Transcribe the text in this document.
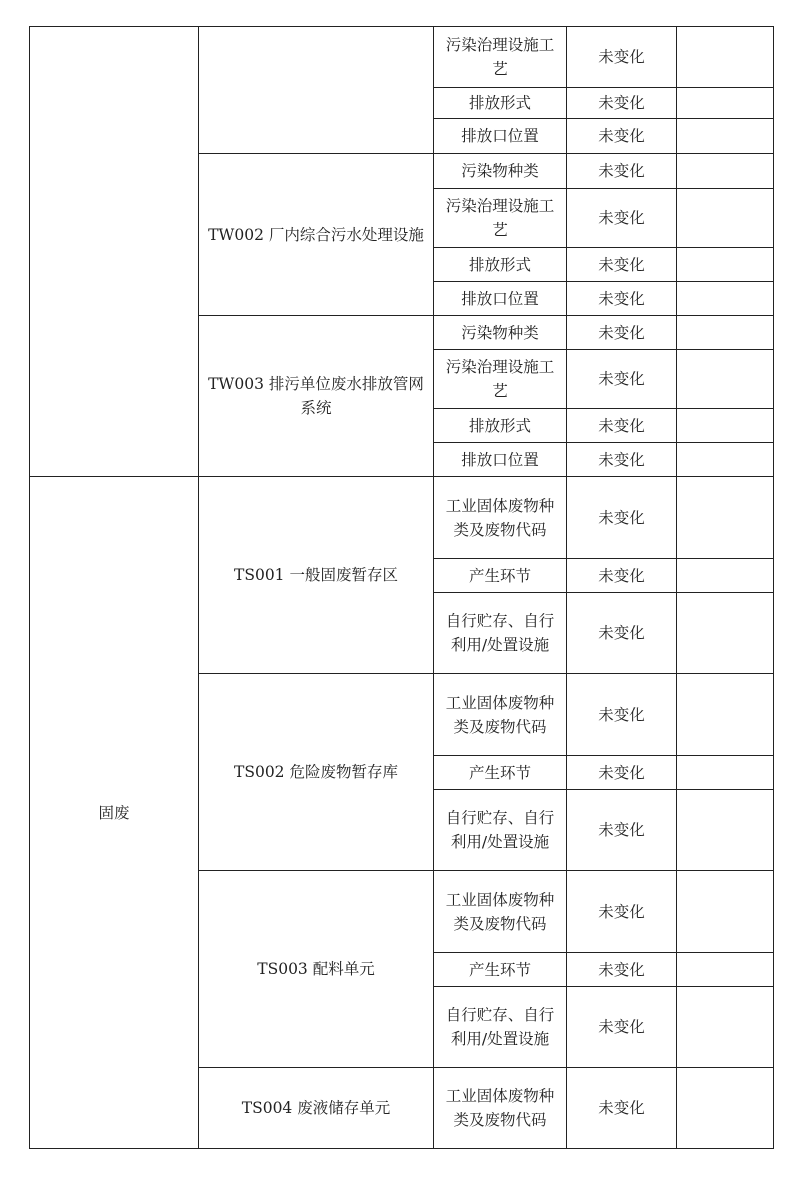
		污染治理设施工艺	未变化	
		排放形式	未变化	
		排放口位置	未变化	
	TW002 厂内综合污水处理设施	污染物种类	未变化	
		污染治理设施工艺	未变化	
		排放形式	未变化	
		排放口位置	未变化	
	TW003 排污单位废水排放管网系统	污染物种类	未变化	
		污染治理设施工艺	未变化	
		排放形式	未变化	
		排放口位置	未变化	
固废	TS001 一般固废暂存区	工业固体废物种类及废物代码	未变化	
		产生环节	未变化	
		自行贮存、自行利用/处置设施	未变化	
	TS002 危险废物暂存库	工业固体废物种类及废物代码	未变化	
		产生环节	未变化	
		自行贮存、自行利用/处置设施	未变化	
	TS003 配料单元	工业固体废物种类及废物代码	未变化	
		产生环节	未变化	
		自行贮存、自行利用/处置设施	未变化	
	TS004 废液储存单元	工业固体废物种类及废物代码	未变化	
